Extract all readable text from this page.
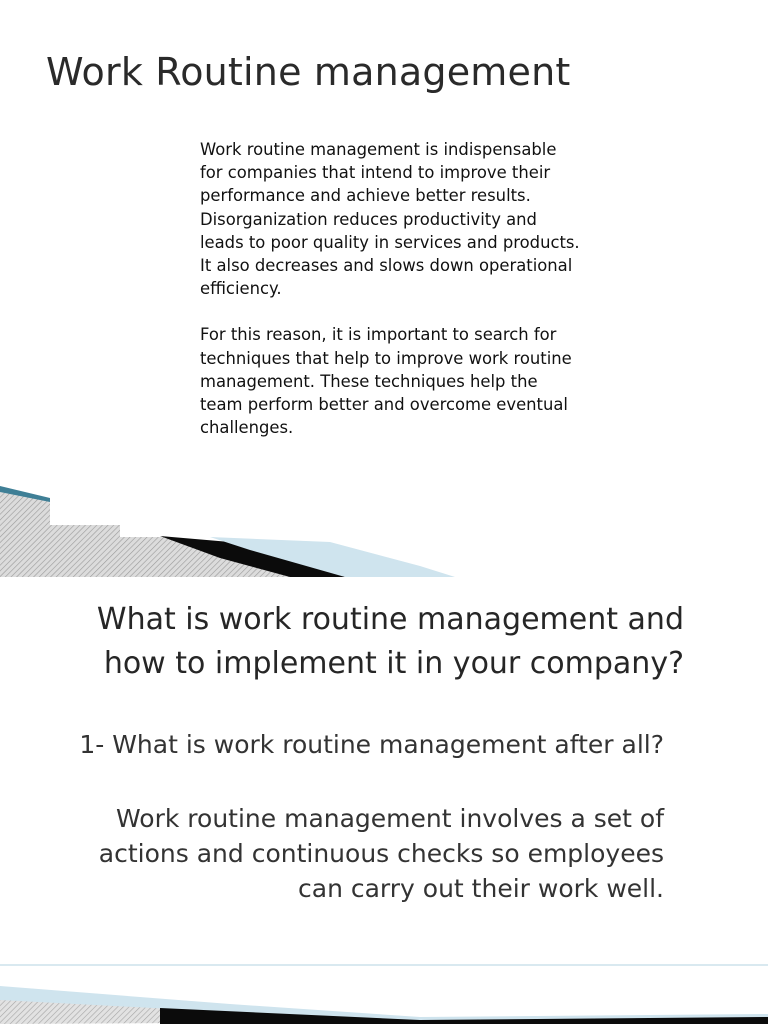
Work Routine management

Work routine management is indispensable for companies that intend to improve their performance and achieve better results. Disorganization reduces productivity and leads to poor quality in services and products. It also decreases and slows down operational efficiency.

For this reason, it is important to search for techniques that help to improve work routine management. These techniques help the team perform better and overcome eventual challenges.

What is work routine management and how to implement it in your company?
1- What is work routine management after all?
Work routine management involves a set of actions and continuous checks so employees can carry out their work well.
